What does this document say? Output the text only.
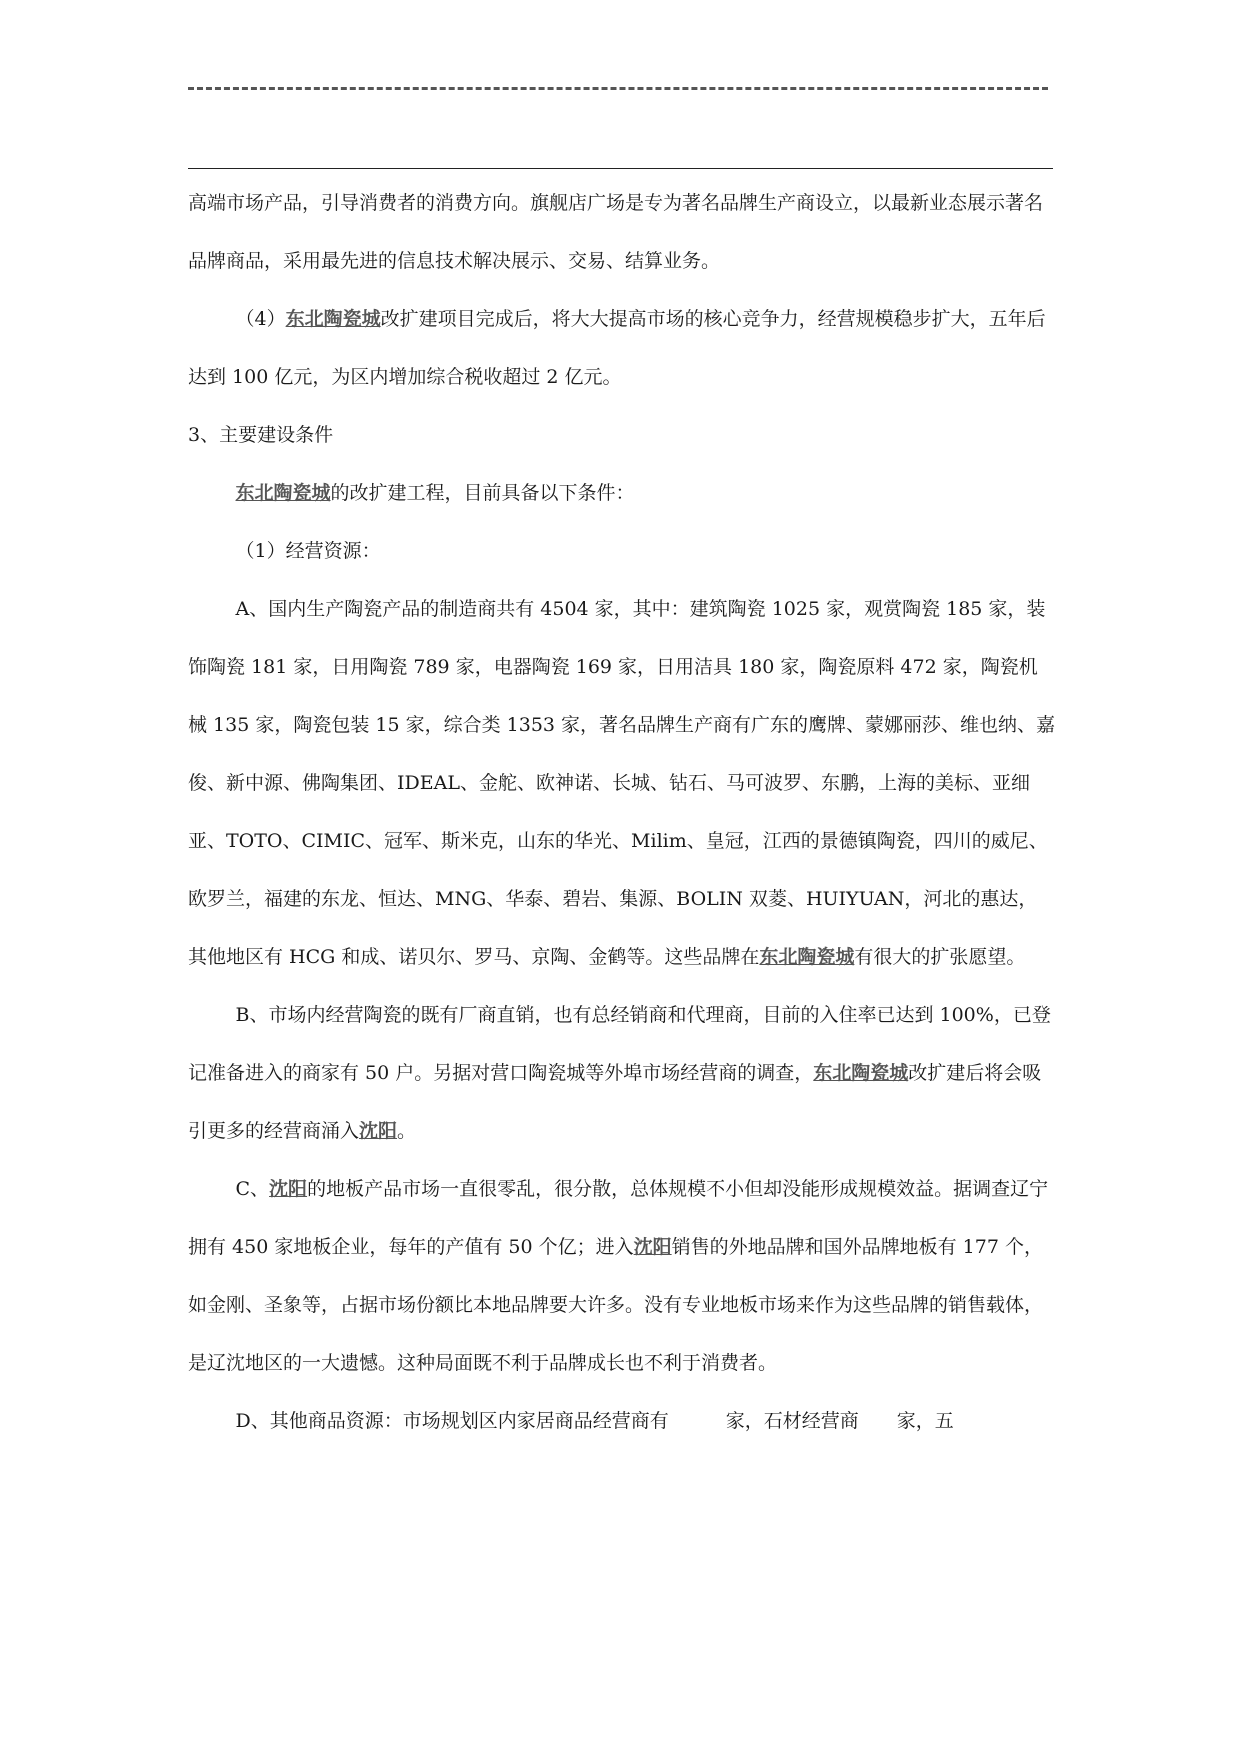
高端市场产品，引导消费者的消费方向。旗舰店广场是专为著名品牌生产商设立，以最新业态展示著名品牌商品，采用最先进的信息技术解决展示、交易、结算业务。

（4）东北陶瓷城改扩建项目完成后，将大大提高市场的核心竞争力，经营规模稳步扩大，五年后达到 100 亿元，为区内增加综合税收超过 2 亿元。

3、主要建设条件

东北陶瓷城的改扩建工程，目前具备以下条件：

（1）经营资源：

A、国内生产陶瓷产品的制造商共有 4504 家，其中：建筑陶瓷 1025 家，观赏陶瓷 185 家，装饰陶瓷 181 家，日用陶瓷 789 家，电器陶瓷 169 家，日用洁具 180 家，陶瓷原料 472 家，陶瓷机械 135 家，陶瓷包装 15 家，综合类 1353 家，著名品牌生产商有广东的鹰牌、蒙娜丽莎、维也纳、嘉俊、新中源、佛陶集团、IDEAL、金舵、欧神诺、长城、钻石、马可波罗、东鹏，上海的美标、亚细亚、TOTO、CIMIC、冠军、斯米克，山东的华光、Milim、皇冠，江西的景德镇陶瓷，四川的威尼、欧罗兰，福建的东龙、恒达、MNG、华泰、碧岩、集源、BOLIN 双菱、HUIYUAN，河北的惠达，其他地区有 HCG 和成、诺贝尔、罗马、京陶、金鹤等。这些品牌在东北陶瓷城有很大的扩张愿望。

B、市场内经营陶瓷的既有厂商直销，也有总经销商和代理商，目前的入住率已达到 100%，已登记准备进入的商家有 50 户。另据对营口陶瓷城等外埠市场经营商的调查，东北陶瓷城改扩建后将会吸引更多的经营商涌入沈阳。

C、沈阳的地板产品市场一直很零乱，很分散，总体规模不小但却没能形成规模效益。据调查辽宁拥有 450 家地板企业，每年的产值有 50 个亿；进入沈阳销售的外地品牌和国外品牌地板有 177 个，如金刚、圣象等，占据市场份额比本地品牌要大许多。没有专业地板市场来作为这些品牌的销售载体，是辽沈地区的一大遗憾。这种局面既不利于品牌成长也不利于消费者。

D、其他商品资源：市场规划区内家居商品经营商有　　　家，石材经营商　　家，五
